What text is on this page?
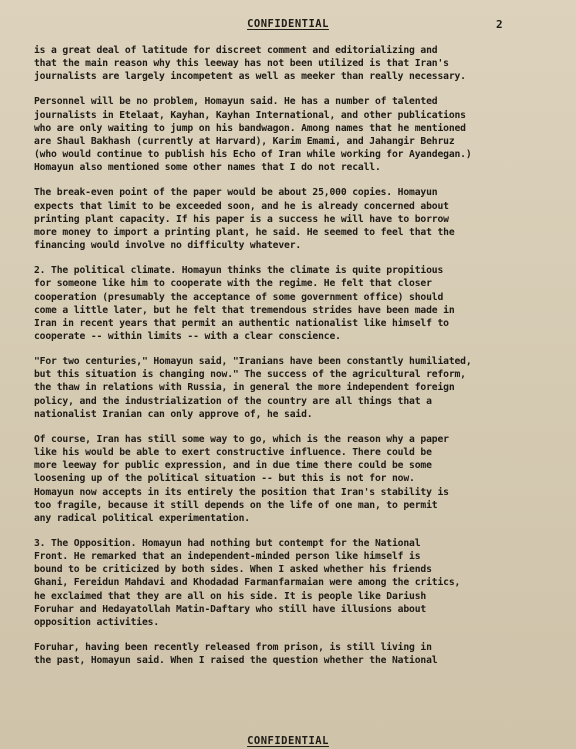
CONFIDENTIAL	2

is a great deal of latitude for discreet comment and editorializing and
that the main reason why this leeway has not been utilized is that Iran's
journalists are largely incompetent as well as meeker than really necessary.

Personnel will be no problem, Homayun said. He has a number of talented
journalists in Etelaat, Kayhan, Kayhan International, and other publications
who are only waiting to jump on his bandwagon. Among names that he mentioned
are Shaul Bakhash (currently at Harvard), Karim Emami, and Jahangir Behruz
(who would continue to publish his Echo of Iran while working for Ayandegan.)
Homayun also mentioned some other names that I do not recall.

The break-even point of the paper would be about 25,000 copies. Homayun
expects that limit to be exceeded soon, and he is already concerned about
printing plant capacity. If his paper is a success he will have to borrow
more money to import a printing plant, he said. He seemed to feel that the
financing would involve no difficulty whatever.

2. The political climate. Homayun thinks the climate is quite propitious
for someone like him to cooperate with the regime. He felt that closer
cooperation (presumably the acceptance of some government office) should
come a little later, but he felt that tremendous strides have been made in
Iran in recent years that permit an authentic nationalist like himself to
cooperate -- within limits -- with a clear conscience.

"For two centuries," Homayun said, "Iranians have been constantly humiliated,
but this situation is changing now." The success of the agricultural reform,
the thaw in relations with Russia, in general the more independent foreign
policy, and the industrialization of the country are all things that a
nationalist Iranian can only approve of, he said.

Of course, Iran has still some way to go, which is the reason why a paper
like his would be able to exert constructive influence. There could be
more leeway for public expression, and in due time there could be some
loosening up of the political situation -- but this is not for now.
Homayun now accepts in its entirely the position that Iran's stability is
too fragile, because it still depends on the life of one man, to permit
any radical political experimentation.

3. The Opposition. Homayun had nothing but contempt for the National
Front. He remarked that an independent-minded person like himself is
bound to be criticized by both sides. When I asked whether his friends
Ghani, Fereidun Mahdavi and Khodadad Farmanfarmaian were among the critics,
he exclaimed that they are all on his side. It is people like Dariush
Foruhar and Hedayatollah Matin-Daftary who still have illusions about
opposition activities.

Foruhar, having been recently released from prison, is still living in
the past, Homayun said. When I raised the question whether the National

CONFIDENTIAL
